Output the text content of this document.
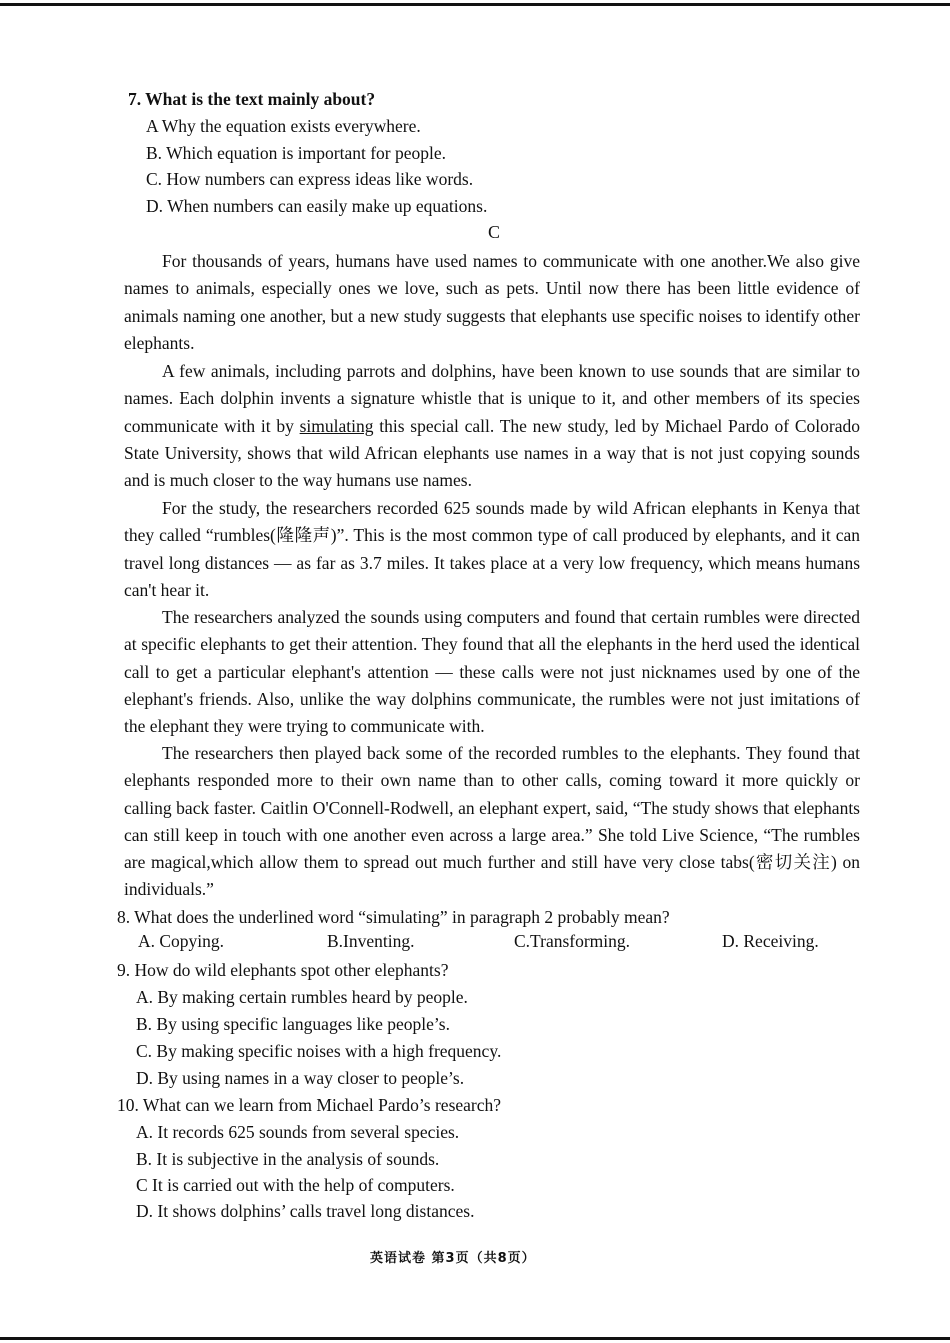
7. What is the text mainly about?
A Why the equation exists everywhere.
B. Which equation is important for people.
C. How numbers can express ideas like words.
D. When numbers can easily make up equations.
C
For thousands of years, humans have used names to communicate with one another.We also give names to animals, especially ones we love, such as pets. Until now there has been little evidence of animals naming one another, but a new study suggests that elephants use specific noises to identify other elephants.
A few animals, including parrots and dolphins, have been known to use sounds that are similar to names. Each dolphin invents a signature whistle that is unique to it, and other members of its species communicate with it by simulating this special call. The new study, led by Michael Pardo of Colorado State University, shows that wild African elephants use names in a way that is not just copying sounds and is much closer to the way humans use names.
For the study, the researchers recorded 625 sounds made by wild African elephants in Kenya that they called “rumbles(隆隆声)”. This is the most common type of call produced by elephants, and it can travel long distances — as far as 3.7 miles. It takes place at a very low frequency, which means humans can't hear it.
The researchers analyzed the sounds using computers and found that certain rumbles were directed at specific elephants to get their attention. They found that all the elephants in the herd used the identical call to get a particular elephant's attention — these calls were not just nicknames used by one of the elephant's friends. Also, unlike the way dolphins communicate, the rumbles were not just imitations of the elephant they were trying to communicate with.
The researchers then played back some of the recorded rumbles to the elephants. They found that elephants responded more to their own name than to other calls, coming toward it more quickly or calling back faster. Caitlin O'Connell-Rodwell, an elephant expert, said, “The study shows that elephants can still keep in touch with one another even across a large area.” She told Live Science, “The rumbles are magical,which allow them to spread out much further and still have very close tabs(密切关注) on individuals.”
8. What does the underlined word “simulating” in paragraph 2 probably mean?
A. Copying.	B.Inventing.	C.Transforming.	D. Receiving.
9. How do wild elephants spot other elephants?
A. By making certain rumbles heard by people.
B. By using specific languages like people’s.
C. By making specific noises with a high frequency.
D. By using names in a way closer to people’s.
10. What can we learn from Michael Pardo’s research?
A. It records 625 sounds from several species.
B. It is subjective in the analysis of sounds.
C It is carried out with the help of computers.
D. It shows dolphins’ calls travel long distances.
英语试卷 第3页（共8页）
